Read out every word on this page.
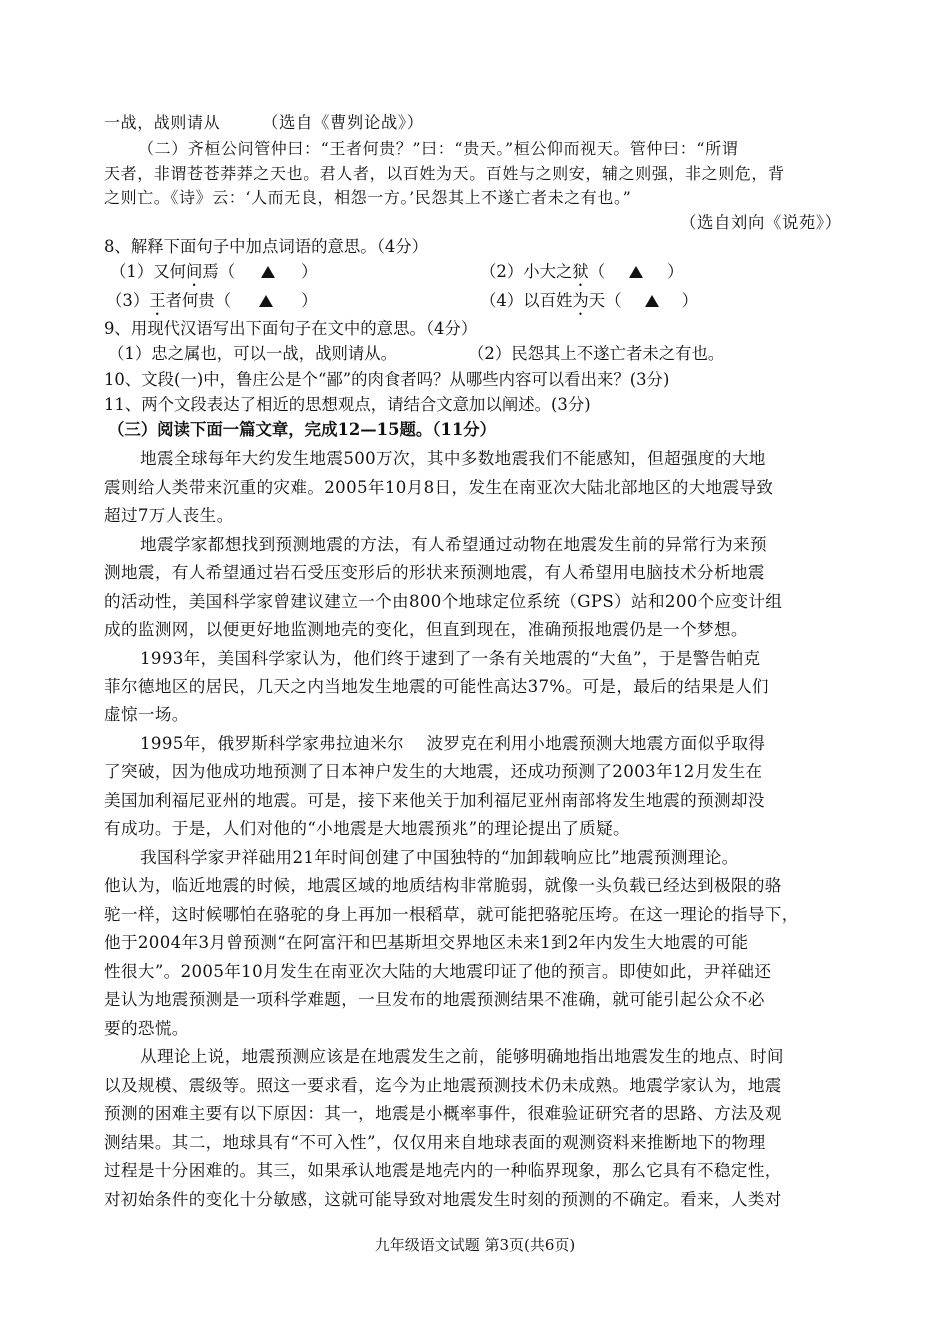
一战，战则请从	（选自《曹刿论战》）
（二）齐桓公问管仲曰：“王者何贵？”曰：“贵天。”桓公仰而视天。管仲曰：“所谓
天者，非谓苍苍莽莽之天也。君人者，以百姓为天。百姓与之则安，辅之则强，非之则危，背
之则亡。《诗》云：‘人而无良，相怨一方。’民怨其上不遂亡者未之有也。”
（选自刘向《说苑》）
8、解释下面句子中加点词语的意思。（4分）
（1）又何间焉（	）	（2）小大之狱（	）
（3）王者何贵（	）	（4）以百姓为天（	）
9、用现代汉语写出下面句子在文中的意思。（4分）
（1）忠之属也，可以一战，战则请从。	（2）民怨其上不遂亡者未之有也。
10、文段(一)中，鲁庄公是个“鄙”的肉食者吗？从哪些内容可以看出来？(3分)
11、两个文段表达了相近的思想观点，请结合文意加以阐述。(3分)
（三）阅读下面一篇文章，完成12—15题。（11分）
地震全球每年大约发生地震500万次，其中多数地震我们不能感知，但超强度的大地
震则给人类带来沉重的灾难。2005年10月8日，发生在南亚次大陆北部地区的大地震导致
超过7万人丧生。
地震学家都想找到预测地震的方法，有人希望通过动物在地震发生前的异常行为来预
测地震，有人希望通过岩石受压变形后的形状来预测地震，有人希望用电脑技术分析地震
的活动性，美国科学家曾建议建立一个由800个地球定位系统（GPS）站和200个应变计组
成的监测网，以便更好地监测地壳的变化，但直到现在，准确预报地震仍是一个梦想。
1993年，美国科学家认为，他们终于逮到了一条有关地震的“大鱼”，于是警告帕克
菲尔德地区的居民，几天之内当地发生地震的可能性高达37%。可是，最后的结果是人们
虚惊一场。
1995年，俄罗斯科学家弗拉迪米尔　 波罗克在利用小地震预测大地震方面似乎取得
了突破，因为他成功地预测了日本神户发生的大地震，还成功预测了2003年12月发生在
美国加利福尼亚州的地震。可是，接下来他关于加利福尼亚州南部将发生地震的预测却没
有成功。于是，人们对他的“小地震是大地震预兆”的理论提出了质疑。
我国科学家尹祥础用21年时间创建了中国独特的“加卸载响应比”地震预测理论。
他认为，临近地震的时候，地震区域的地质结构非常脆弱，就像一头负载已经达到极限的骆
驼一样，这时候哪怕在骆驼的身上再加一根稻草，就可能把骆驼压垮。在这一理论的指导下，
他于2004年3月曾预测“在阿富汗和巴基斯坦交界地区未来1到2年内发生大地震的可能
性很大”。2005年10月发生在南亚次大陆的大地震印证了他的预言。即使如此，尹祥础还
是认为地震预测是一项科学难题，一旦发布的地震预测结果不准确，就可能引起公众不必
要的恐慌。
从理论上说，地震预测应该是在地震发生之前，能够明确地指出地震发生的地点、时间
以及规模、震级等。照这一要求看，迄今为止地震预测技术仍未成熟。地震学家认为，地震
预测的困难主要有以下原因：其一，地震是小概率事件，很难验证研究者的思路、方法及观
测结果。其二，地球具有“不可入性”，仅仅用来自地球表面的观测资料来推断地下的物理
过程是十分困难的。其三，如果承认地震是地壳内的一种临界现象，那么它具有不稳定性，
对初始条件的变化十分敏感，这就可能导致对地震发生时刻的预测的不确定。看来，人类对
九年级语文试题 第3页(共6页)
